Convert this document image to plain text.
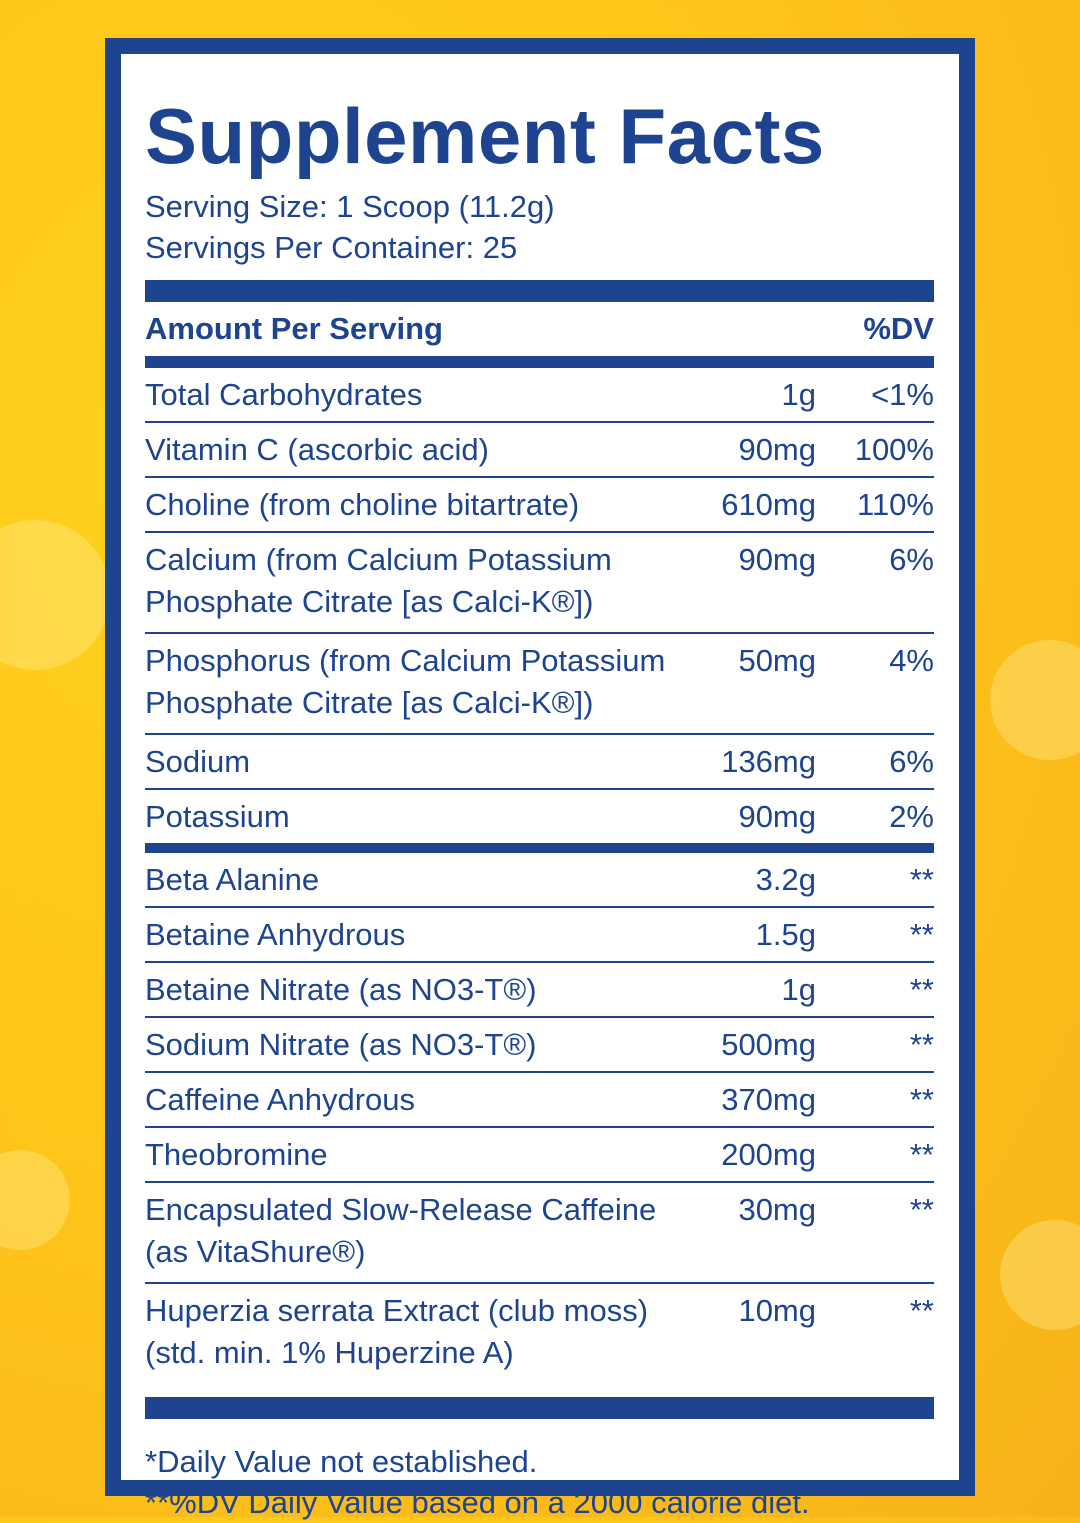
Supplement Facts
Serving Size: 1 Scoop (11.2g)
Servings Per Container: 25
Amount Per Serving	%DV
Total Carbohydrates	1g	<1%
Vitamin C (ascorbic acid)	90mg	100%
Choline (from choline bitartrate)	610mg	110%
Calcium (from Calcium Potassium
Phosphate Citrate [as Calci-K®])
90mg	6%
Phosphorus (from Calcium Potassium
Phosphate Citrate [as Calci-K®])
50mg	4%
Sodium	136mg	6%
Potassium	90mg	2%
Beta Alanine	3.2g	**
Betaine Anhydrous	1.5g	**
Betaine Nitrate (as NO3-T®)	1g	**
Sodium Nitrate (as NO3-T®)	500mg	**
Caffeine Anhydrous	370mg	**
Theobromine	200mg	**
Encapsulated Slow-Release Caffeine
(as VitaShure®)
30mg	**
Huperzia serrata Extract (club moss)
(std. min. 1% Huperzine A)
10mg	**
*Daily Value not established.
**%DV Daily Value based on a 2000 calorie diet.
